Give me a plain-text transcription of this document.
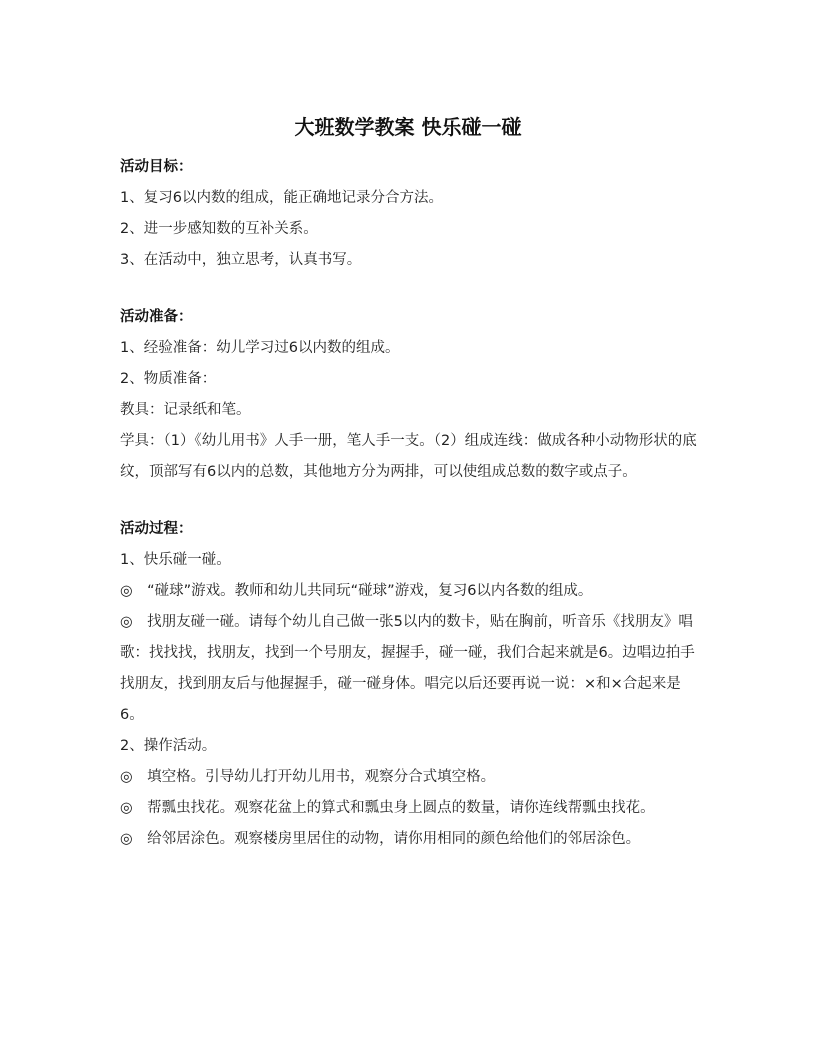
大班数学教案 快乐碰一碰

活动目标：

1、复习6以内数的组成，能正确地记录分合方法。

2、进一步感知数的互补关系。

3、在活动中，独立思考，认真书写。

活动准备：

1、经验准备：幼儿学习过6以内数的组成。

2、物质准备：

教具：记录纸和笔。

学具：（1）《幼儿用书》人手一册，笔人手一支。（2）组成连线：做成各种小动物形状的底纹，顶部写有6以内的总数，其他地方分为两排，可以使组成总数的数字或点子。

活动过程：

1、快乐碰一碰。

◎　“碰球”游戏。教师和幼儿共同玩“碰球”游戏，复习6以内各数的组成。

◎　找朋友碰一碰。请每个幼儿自己做一张5以内的数卡，贴在胸前，听音乐《找朋友》唱歌：找找找，找朋友，找到一个号朋友，握握手，碰一碰，我们合起来就是6。边唱边拍手找朋友，找到朋友后与他握握手，碰一碰身体。唱完以后还要再说一说：×和×合起来是6。

2、操作活动。

◎　填空格。引导幼儿打开幼儿用书，观察分合式填空格。

◎　帮瓢虫找花。观察花盆上的算式和瓢虫身上圆点的数量，请你连线帮瓢虫找花。

◎　给邻居涂色。观察楼房里居住的动物，请你用相同的颜色给他们的邻居涂色。
